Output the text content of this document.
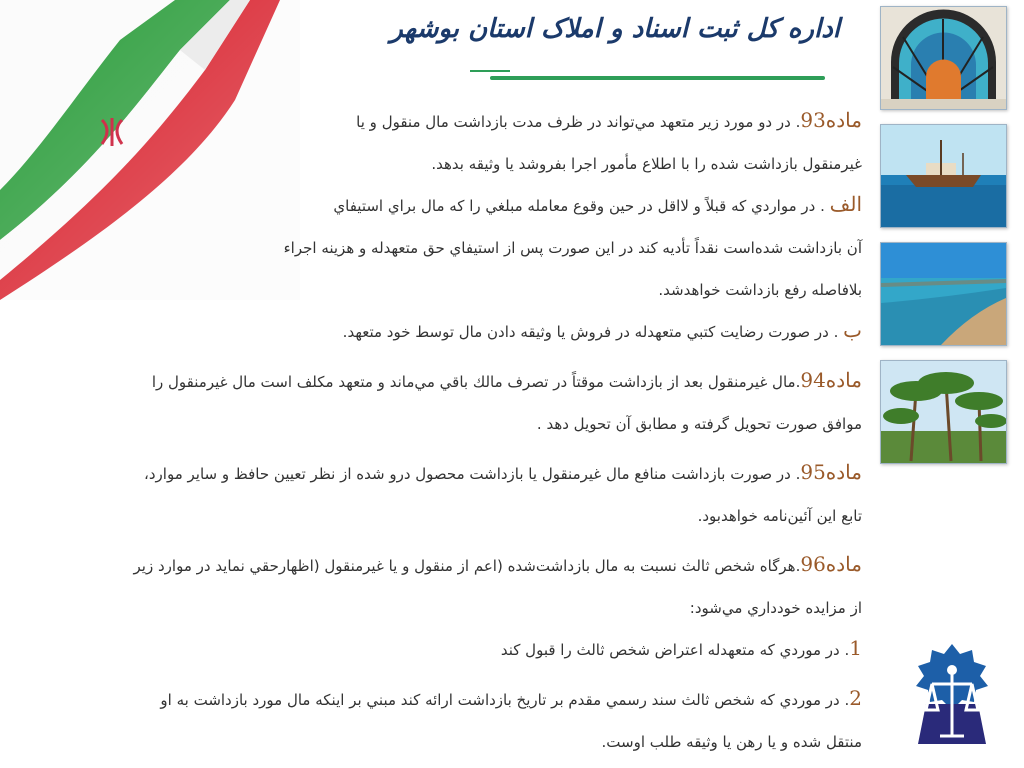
اداره کل ثبت اسناد و املاک استان بوشهر

ماده93. در دو مورد زير متعهد مي‌تواند در ظرف مدت بازداشت مال منقول و يا

غيرمنقول بازداشت شده را با اطلاع مأمور اجرا بفروشد يا وثيقه بدهد.

الف . در مواردي كه قبلاً و لااقل در حين وقوع معامله مبلغي را كه مال براي استيفاي

آن بازداشت شده‌است نقداً تأديه كند در اين صورت پس از استيفاي حق متعهدله و هزينه اجراء

بلافاصله رفع بازداشت خواهدشد.

ب . در صورت رضايت كتبي متعهدله در فروش يا وثيقه دادن مال توسط خود متعهد.

ماده94.مال غيرمنقول بعد از بازداشت موقتاً در تصرف مالك باقي مي‌ماند و متعهد مكلف است مال غيرمنقول را

موافق صورت تحويل گرفته و مطابق آن تحويل دهد .

ماده95. در صورت بازداشت منافع مال غيرمنقول يا بازداشت محصول درو شده از نظر تعيين حافظ و ساير موارد،

تابع اين آئين‌نامه خواهدبود.

ماده96.هرگاه شخص ثالث نسبت به مال بازداشت‌شده (اعم از منقول و يا غيرمنقول (اظهارحقي نمايد در موارد زير

از مزايده خودداري مي‌شود:

1. در موردي كه متعهدله اعتراض شخص ثالث را قبول كند

2. در موردي كه شخص ثالث سند رسمي مقدم بر تاريخ بازداشت ارائه كند مبني بر اينكه مال مورد بازداشت به او

منتقل شده و يا رهن يا وثيقه طلب اوست.
